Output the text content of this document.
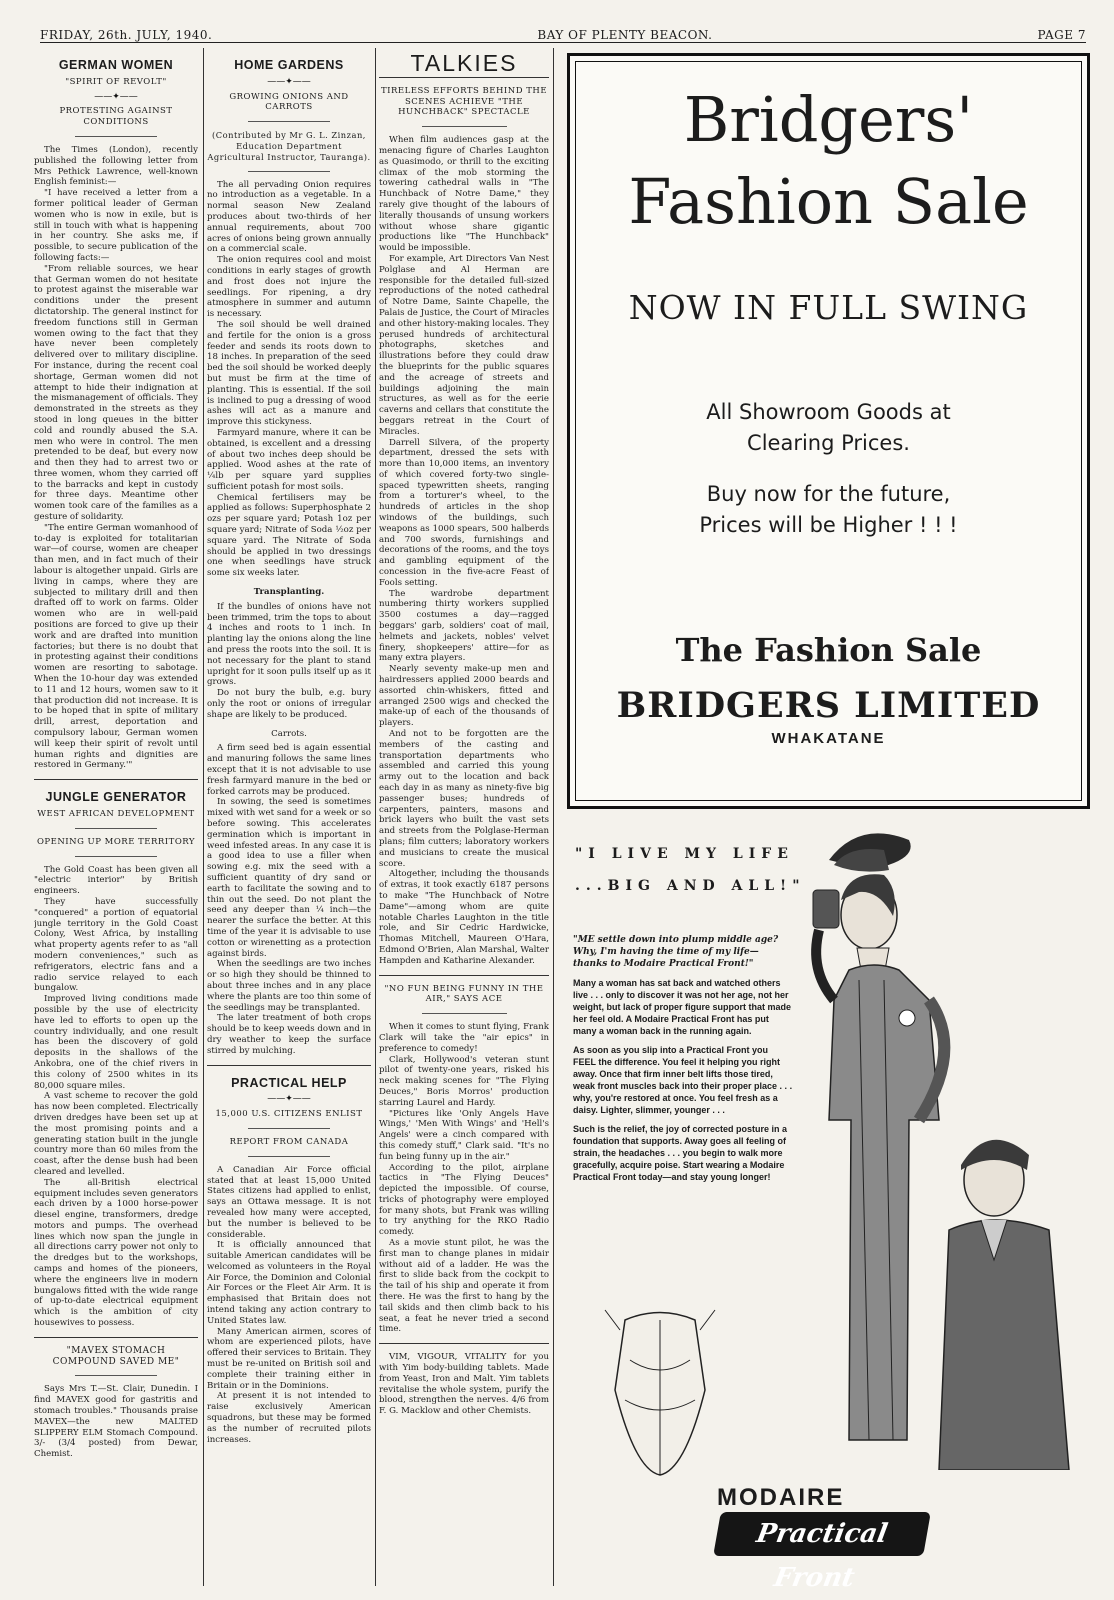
FRIDAY, 26th. JULY, 1940.	BAY OF PLENTY BEACON.	PAGE 7
GERMAN WOMEN
"SPIRIT OF REVOLT"
——✦——
PROTESTING AGAINST CONDITIONS

The Times (London), recently published the following letter from Mrs Pethick Lawrence, well-known English feminist:—

"I have received a letter from a former political leader of German women who is now in exile, but is still in touch with what is happening in her country. She asks me, if possible, to secure publication of the following facts:—

"From reliable sources, we hear that German women do not hesitate to protest against the miserable war conditions under the present dictatorship. The general instinct for freedom functions still in German women owing to the fact that they have never been completely delivered over to military discipline. For instance, during the recent coal shortage, German women did not attempt to hide their indignation at the mismanagement of officials. They demonstrated in the streets as they stood in long queues in the bitter cold and roundly abused the S.A. men who were in control. The men pretended to be deaf, but every now and then they had to arrest two or three women, whom they carried off to the barracks and kept in custody for three days. Meantime other women took care of the families as a gesture of solidarity.

"The entire German womanhood of to-day is exploited for totalitarian war—of course, women are cheaper than men, and in fact much of their labour is altogether unpaid. Girls are living in camps, where they are subjected to military drill and then drafted off to work on farms. Older women who are in well-paid positions are forced to give up their work and are drafted into munition factories; but there is no doubt that in protesting against their conditions women are resorting to sabotage. When the 10-hour day was extended to 11 and 12 hours, women saw to it that production did not increase. It is to be hoped that in spite of military drill, arrest, deportation and compulsory labour, German women will keep their spirit of revolt until human rights and dignities are restored in Germany.'"

JUNGLE GENERATOR
WEST AFRICAN DEVELOPMENT
OPENING UP MORE TERRITORY

The Gold Coast has been given all "electric interior" by British engineers.

They have successfully "conquered" a portion of equatorial jungle territory in the Gold Coast Colony, West Africa, by installing what property agents refer to as "all modern conveniences," such as refrigerators, electric fans and a radio service relayed to each bungalow.

Improved living conditions made possible by the use of electricity have led to efforts to open up the country individually, and one result has been the discovery of gold deposits in the shallows of the Ankobra, one of the chief rivers in this colony of 2500 whites in its 80,000 square miles.

A vast scheme to recover the gold has now been completed. Electrically driven dredges have been set up at the most promising points and a generating station built in the jungle country more than 60 miles from the coast, after the dense bush had been cleared and levelled.

The all-British electrical equipment includes seven generators each driven by a 1000 horse-power diesel engine, transformers, dredge motors and pumps. The overhead lines which now span the jungle in all directions carry power not only to the dredges but to the workshops, camps and homes of the pioneers, where the engineers live in modern bungalows fitted with the wide range of up-to-date electrical equipment which is the ambition of city housewives to possess.

"MAVEX STOMACH COMPOUND SAVED ME"

Says Mrs T.—St. Clair, Dunedin. I find MAVEX good for gastritis and stomach troubles." Thousands praise MAVEX—the new MALTED SLIPPERY ELM Stomach Compound. 3/- (3/4 posted) from Dewar, Chemist.

HOME GARDENS
——✦——
GROWING ONIONS AND CARROTS
(Contributed by Mr G. L. Zinzan, Education Department Agricultural Instructor, Tauranga).

The all pervading Onion requires no introduction as a vegetable. In a normal season New Zealand produces about two-thirds of her annual requirements, about 700 acres of onions being grown annually on a commercial scale.

The onion requires cool and moist conditions in early stages of growth and frost does not injure the seedlings. For ripening, a dry atmosphere in summer and autumn is necessary.

The soil should be well drained and fertile for the onion is a gross feeder and sends its roots down to 18 inches. In preparation of the seed bed the soil should be worked deeply but must be firm at the time of planting. This is essential. If the soil is inclined to pug a dressing of wood ashes will act as a manure and improve this stickyness.

Farmyard manure, where it can be obtained, is excellent and a dressing of about two inches deep should be applied. Wood ashes at the rate of ¼lb per square yard supplies sufficient potash for most soils.

Chemical fertilisers may be applied as follows: Superphosphate 2 ozs per square yard; Potash 1oz per square yard; Nitrate of Soda ½oz per square yard. The Nitrate of Soda should be applied in two dressings one when seedlings have struck some six weeks later.

Transplanting.

If the bundles of onions have not been trimmed, trim the tops to about 4 inches and roots to 1 inch. In planting lay the onions along the line and press the roots into the soil. It is not necessary for the plant to stand upright for it soon pulls itself up as it grows.

Do not bury the bulb, e.g. bury only the root or onions of irregular shape are likely to be produced.

Carrots.

A firm seed bed is again essential and manuring follows the same lines except that it is not advisable to use fresh farmyard manure in the bed or forked carrots may be produced.

In sowing, the seed is sometimes mixed with wet sand for a week or so before sowing. This accelerates germination which is important in weed infested areas. In any case it is a good idea to use a filler when sowing e.g. mix the seed with a sufficient quantity of dry sand or earth to facilitate the sowing and to thin out the seed. Do not plant the seed any deeper than ¼ inch—the nearer the surface the better. At this time of the year it is advisable to use cotton or wirenetting as a protection against birds.

When the seedlings are two inches or so high they should be thinned to about three inches and in any place where the plants are too thin some of the seedlings may be transplanted.

The later treatment of both crops should be to keep weeds down and in dry weather to keep the surface stirred by mulching.

PRACTICAL HELP
——✦——
15,000 U.S. CITIZENS ENLIST
REPORT FROM CANADA

A Canadian Air Force official stated that at least 15,000 United States citizens had applied to enlist, says an Ottawa message. It is not revealed how many were accepted, but the number is believed to be considerable.

It is officially announced that suitable American candidates will be welcomed as volunteers in the Royal Air Force, the Dominion and Colonial Air Forces or the Fleet Air Arm. It is emphasised that Britain does not intend taking any action contrary to United States law.

Many American airmen, scores of whom are experienced pilots, have offered their services to Britain. They must be re-united on British soil and complete their training either in Britain or in the Dominions.

At present it is not intended to raise exclusively American squadrons, but these may be formed as the number of recruited pilots increases.

TALKIES
TIRELESS EFFORTS BEHIND THE SCENES ACHIEVE "THE HUNCHBACK" SPECTACLE

When film audiences gasp at the menacing figure of Charles Laughton as Quasimodo, or thrill to the exciting climax of the mob storming the towering cathedral walls in "The Hunchback of Notre Dame," they rarely give thought of the labours of literally thousands of unsung workers without whose share gigantic productions like "The Hunchback" would be impossible.

For example, Art Directors Van Nest Polglase and Al Herman are responsible for the detailed full-sized reproductions of the noted cathedral of Notre Dame, Sainte Chapelle, the Palais de Justice, the Court of Miracles and other history-making locales. They perused hundreds of architectural photographs, sketches and illustrations before they could draw the blueprints for the public squares and the acreage of streets and buildings adjoining the main structures, as well as for the eerie caverns and cellars that constitute the beggars retreat in the Court of Miracles.

Darrell Silvera, of the property department, dressed the sets with more than 10,000 items, an inventory of which covered forty-two single-spaced typewritten sheets, ranging from a torturer's wheel, to the hundreds of articles in the shop windows of the buildings, such weapons as 1000 spears, 500 halberds and 700 swords, furnishings and decorations of the rooms, and the toys and gambling equipment of the concession in the five-acre Feast of Fools setting.

The wardrobe department numbering thirty workers supplied 3500 costumes a day—ragged beggars' garb, soldiers' coat of mail, helmets and jackets, nobles' velvet finery, shopkeepers' attire—for as many extra players.

Nearly seventy make-up men and hairdressers applied 2000 beards and assorted chin-whiskers, fitted and arranged 2500 wigs and checked the make-up of each of the thousands of players.

And not to be forgotten are the members of the casting and transportation departments who assembled and carried this young army out to the location and back each day in as many as ninety-five big passenger buses; hundreds of carpenters, painters, masons and brick layers who built the vast sets and streets from the Polglase-Herman plans; film cutters; laboratory workers and musicians to create the musical score.

Altogether, including the thousands of extras, it took exactly 6187 persons to make "The Hunchback of Notre Dame"—among whom are quite notable Charles Laughton in the title role, and Sir Cedric Hardwicke, Thomas Mitchell, Maureen O'Hara, Edmond O'Brien, Alan Marshal, Walter Hampden and Katharine Alexander.

"NO FUN BEING FUNNY IN THE AIR," SAYS ACE

When it comes to stunt flying, Frank Clark will take the "air epics" in preference to comedy!

Clark, Hollywood's veteran stunt pilot of twenty-one years, risked his neck making scenes for "The Flying Deuces," Boris Morros' production starring Laurel and Hardy.

"Pictures like 'Only Angels Have Wings,' 'Men With Wings' and 'Hell's Angels' were a cinch compared with this comedy stuff," Clark said. "It's no fun being funny up in the air."

According to the pilot, airplane tactics in "The Flying Deuces" depicted the impossible. Of course, tricks of photography were employed for many shots, but Frank was willing to try anything for the RKO Radio comedy.

As a movie stunt pilot, he was the first man to change planes in midair without aid of a ladder. He was the first to slide back from the cockpit to the tail of his ship and operate it from there. He was the first to hang by the tail skids and then climb back to his seat, a feat he never tried a second time.

VIM, VIGOUR, VITALITY for you with Yim body-building tablets. Made from Yeast, Iron and Malt. Yim tablets revitalise the whole system, purify the blood, strengthen the nerves. 4/6 from F. G. Macklow and other Chemists.

Bridgers'
Fashion Sale
NOW IN FULL SWING
All Showroom Goods at
Clearing Prices.
Buy now for the future,
Prices will be Higher ! ! !
The Fashion Sale
BRIDGERS LIMITED
WHAKATANE
"I LIVE MY LIFE
...BIG AND ALL!"

"ME settle down into plump middle age? Why, I'm having the time of my life—thanks to Modaire Practical Front!"

Many a woman has sat back and watched others live . . . only to discover it was not her age, not her weight, but lack of proper figure support that made her feel old. A Modaire Practical Front has put many a woman back in the running again.

As soon as you slip into a Practical Front you FEEL the difference. You feel it helping you right away. Once that firm inner belt lifts those tired, weak front muscles back into their proper place . . . why, you're restored at once. You feel fresh as a daisy. Lighter, slimmer, younger . . .

Such is the relief, the joy of corrected posture in a foundation that supports. Away goes all feeling of strain, the headaches . . . you begin to walk more gracefully, acquire poise. Start wearing a Modaire Practical Front today—and stay young longer!

MODAIRE
Practical Front
